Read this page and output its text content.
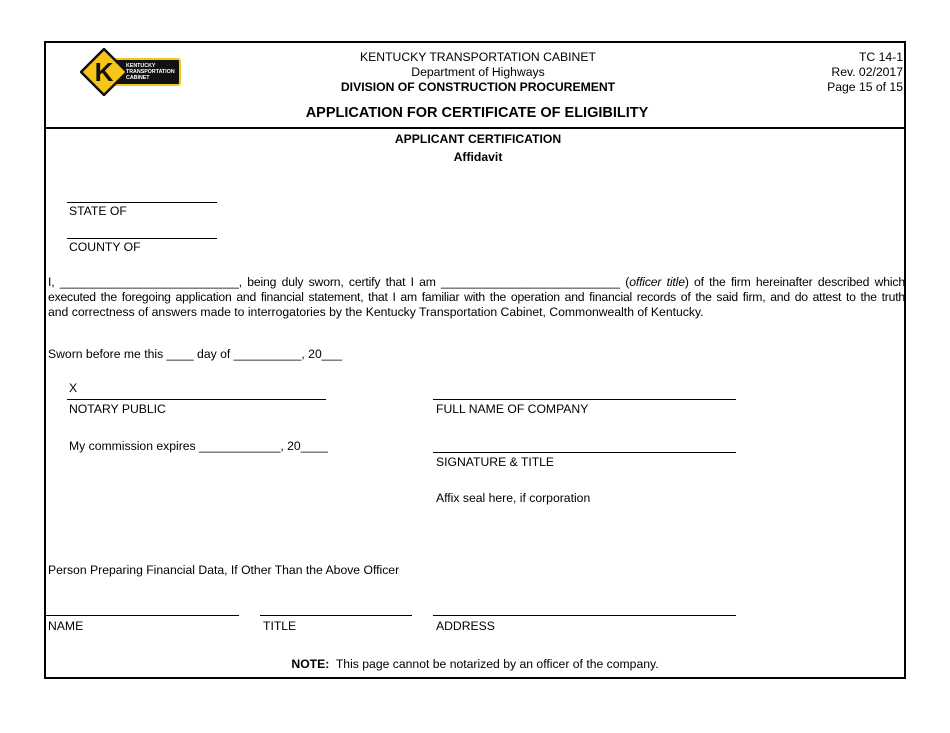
K KENTUCKY
TRANSPORTATION
CABINET
KENTUCKY TRANSPORTATION CABINET
Department of Highways
DIVISION OF CONSTRUCTION PROCUREMENT
TC 14-1
Rev. 02/2017
Page 15 of 15
APPLICATION FOR CERTIFICATE OF ELIGIBILITY
APPLICANT CERTIFICATION
Affidavit
STATE OF
COUNTY OF
I, ___________________________, being duly sworn, certify that I am ___________________________ (officer title) of the firm hereinafter described which
executed the foregoing application and financial statement, that I am familiar with the operation and financial records of the said firm, and do attest to the truth
and correctness of answers made to interrogatories by the Kentucky Transportation Cabinet, Commonwealth of Kentucky.
Sworn before me this ____ day of __________, 20___
X
NOTARY PUBLIC
My commission expires ____________, 20____
FULL NAME OF COMPANY
SIGNATURE & TITLE
Affix seal here, if corporation
Person Preparing Financial Data, If Other Than the Above Officer
NAME	TITLE	ADDRESS
NOTE:  This page cannot be notarized by an officer of the company.
